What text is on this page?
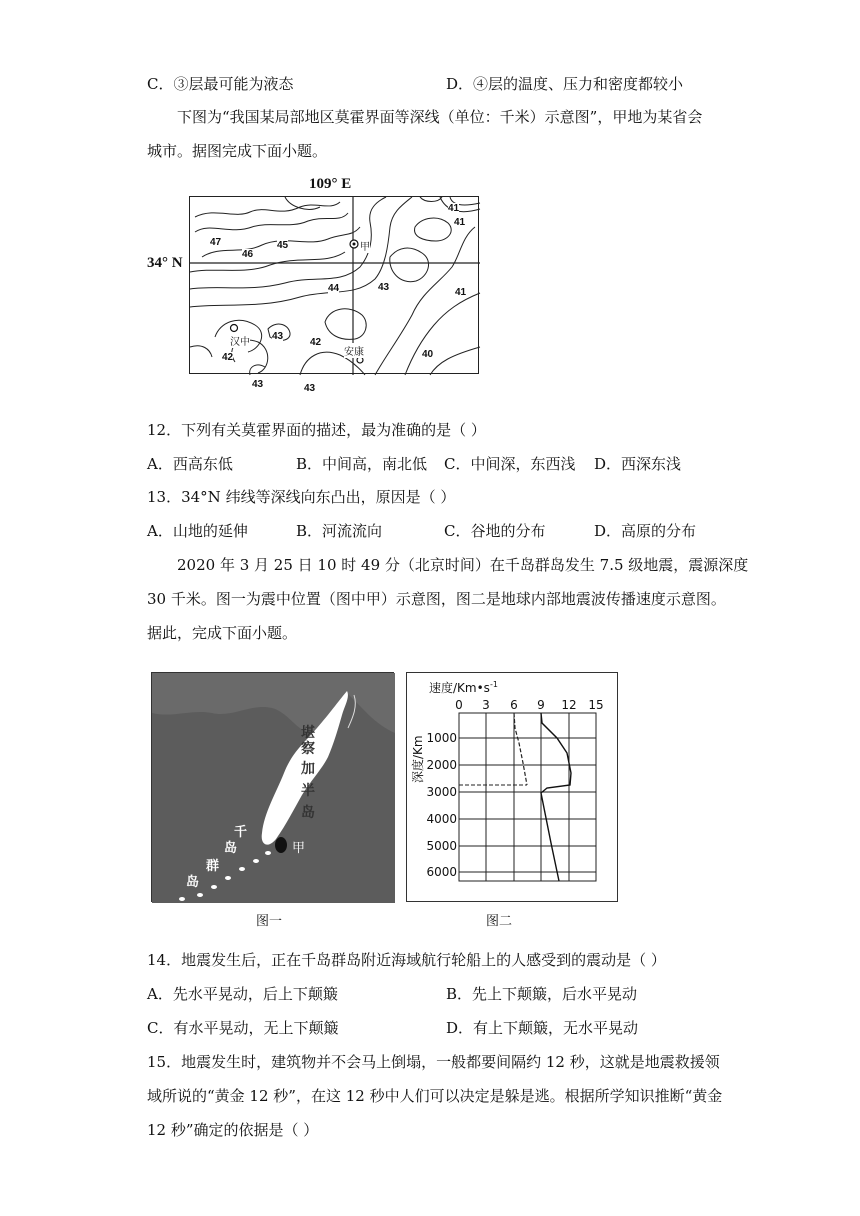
C．③层最可能为液态	D．④层的温度、压力和密度都较小
下图为“我国某局部地区莫霍界面等深线（单位：千米）示意图”，甲地为某省会
城市。据图完成下面小题。
109° E
34° N
41
47
46
45
44	43	41
43
42
42
43
40
43
41
甲
汉中
安康
12．下列有关莫霍界面的描述，最为准确的是（ ）
A．西高东低	B．中间高，南北低 C．中间深，东西浅 D．西深东浅
13．34°N 纬线等深线向东凸出，原因是（ ）
A．山地的延伸	B．河流流向	C．谷地的分布	D．高原的分布
2020 年 3 月 25 日 10 时 49 分（北京时间）在千岛群岛发生 7.5 级地震，震源深度
30 千米。图一为震中位置（图中甲）示意图，图二是地球内部地震波传播速度示意图。
据此，完成下面小题。
堪
察
加
半
岛
千
岛
群
岛
甲
图一
速度$/Km•s^{-1}$
0 3 6 9 12 15
1000
2000
3000
4000
5000
6000
深度/Km
图二
14．地震发生后，正在千岛群岛附近海域航行轮船上的人感受到的震动是（ ）
A．先水平晃动，后上下颠簸	B．先上下颠簸，后水平晃动
C．有水平晃动，无上下颠簸	D．有上下颠簸，无水平晃动
15．地震发生时，建筑物并不会马上倒塌，一般都要间隔约 12 秒，这就是地震救援领
域所说的“黄金 12 秒”，在这 12 秒中人们可以决定是躲是逃。根据所学知识推断“黄金
12 秒”确定的依据是（ ）
